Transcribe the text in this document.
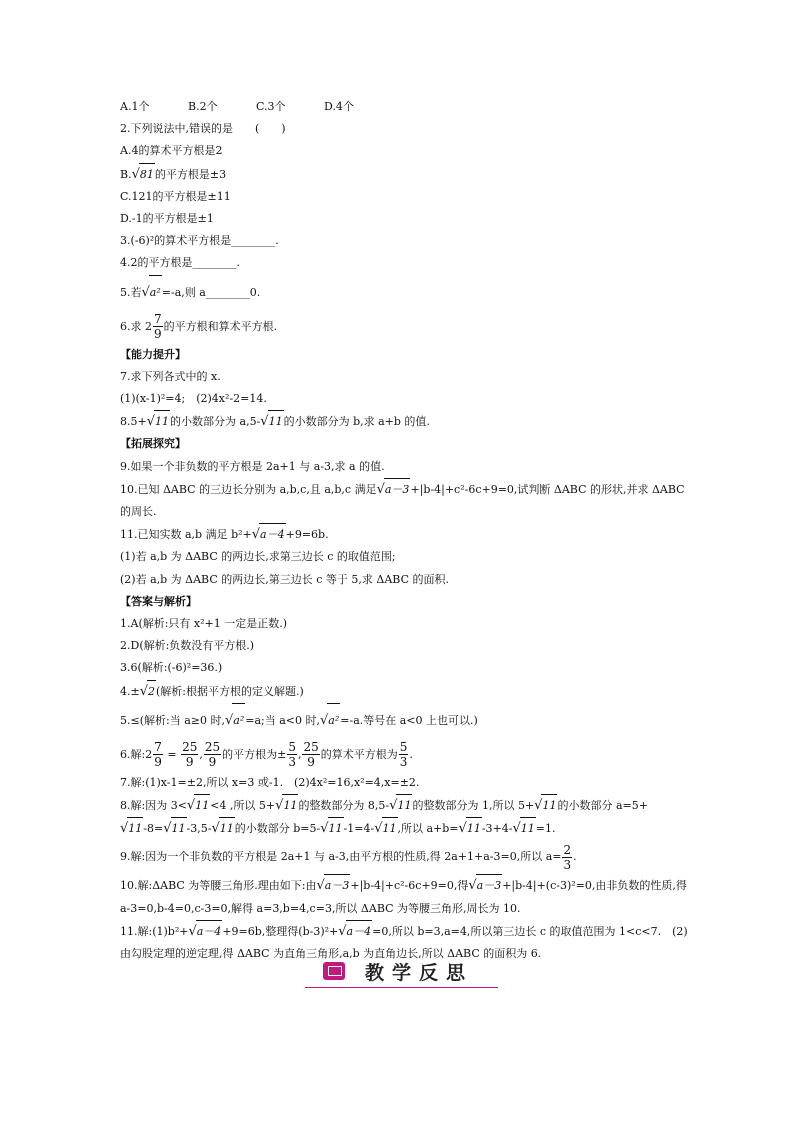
A.1个	B.2个	C.3个	D.4个
2.下列说法中,错误的是　　 (　　)
A.4的算术平方根是2
B.√81的平方根是±3
C.121的平方根是±11
D.-1的平方根是±1
3.(-6)²的算术平方根是________.
4.2的平方根是________.
5.若√a²=-a,则 a________0.
6.求 $2 \frac{7}{9}$ 的平方根和算术平方根.
【能力提升】
7.求下列各式中的 x.
(1)(x-1)²=4;　(2)4x²-2=14.
8.5+√11的小数部分为 a,5-√11的小数部分为 b,求 a+b 的值.
【拓展探究】
9.如果一个非负数的平方根是 2a+1 与 a-3,求 a 的值.
10.已知 ΔABC 的三边长分别为 a,b,c,且 a,b,c 满足√a－3+|b-4|+c²-6c+9=0,试判断 ΔABC 的形状,并求 ΔABC
的周长.
11.已知实数 a,b 满足 b²+√a－4+9=6b.
(1)若 a,b 为 ΔABC 的两边长,求第三边长 c 的取值范围;
(2)若 a,b 为 ΔABC 的两边长,第三边长 c 等于 5,求 ΔABC 的面积.
【答案与解析】
1.A(解析:只有 x²+1 一定是正数.)
2.D(解析:负数没有平方根.)
3.6(解析:(-6)²=36.)
4.±√2(解析:根据平方根的定义解题.)
5.≤(解析:当 a≥0 时,√a²=a;当 a<0 时,√a²=-a.等号在 a<0 上也可以.)
6.解:2 $\frac{7}{9} = \frac{25}{9}$ , $\frac{25}{9}$ 的平方根为± $\frac{5}{3}$ , $\frac{25}{9}$ 的算术平方根为 $\frac{5}{3}$ .
7.解:(1)x-1=±2,所以 x=3 或-1.　(2)4x²=16,x²=4,x=±2.
8.解:因为 3<√11<4 ,所以 5+√11的整数部分为 8,5-√11的整数部分为 1,所以 5+√11的小数部分 a=5+
√11-8=√11-3,5-√11的小数部分 b=5-√11-1=4-√11,所以 a+b=√11-3+4-√11=1.
9.解:因为一个非负数的平方根是 2a+1 与 a-3,由平方根的性质,得 2a+1+a-3=0,所以 $a= \frac{2}{3}$ .
10.解:ΔABC 为等腰三角形.理由如下:由√a－3+|b-4|+c²-6c+9=0,得√a－3+|b-4|+(c-3)²=0,由非负数的性质,得
a-3=0,b-4=0,c-3=0,解得 a=3,b=4,c=3,所以 ΔABC 为等腰三角形,周长为 10.
11.解:(1)b²+√a－4+9=6b,整理得(b-3)²+√a－4=0,所以 b=3,a=4,所以第三边长 c 的取值范围为 1<c<7.　(2)
由勾股定理的逆定理,得 ΔABC 为直角三角形,a,b 为直角边长,所以 ΔABC 的面积为 6.
教学反思
